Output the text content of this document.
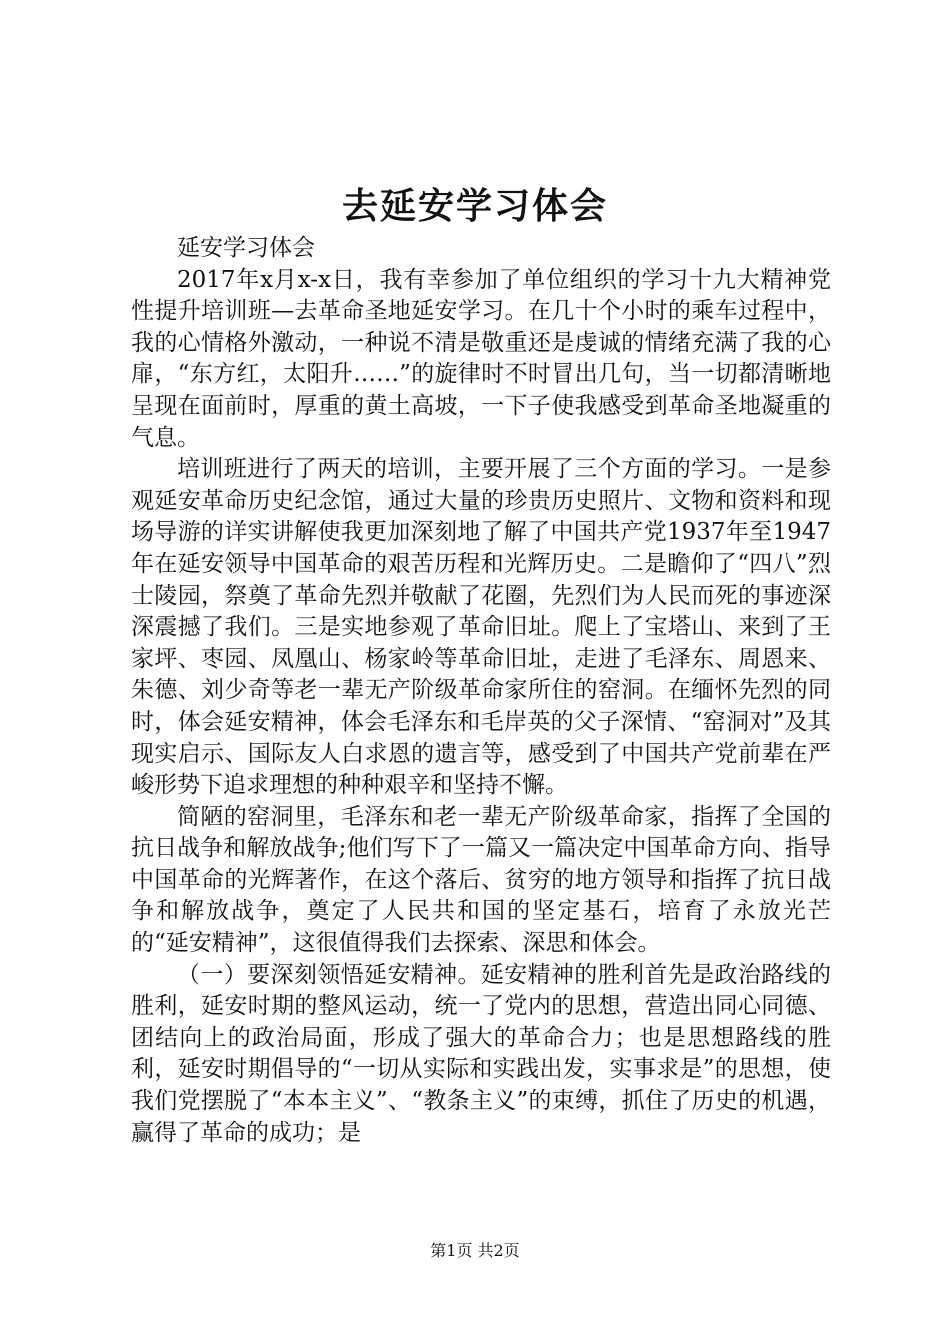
去延安学习体会

延安学习体会

2017年x月x-x日，我有幸参加了单位组织的学习十九大精神党性提升培训班—去革命圣地延安学习。在几十个小时的乘车过程中，我的心情格外激动，一种说不清是敬重还是虔诚的情绪充满了我的心扉，“东方红，太阳升……”的旋律时不时冒出几句，当一切都清晰地呈现在面前时，厚重的黄土高坡，一下子使我感受到革命圣地凝重的气息。

培训班进行了两天的培训，主要开展了三个方面的学习。一是参观延安革命历史纪念馆，通过大量的珍贵历史照片、文物和资料和现场导游的详实讲解使我更加深刻地了解了中国共产党1937年至1947年在延安领导中国革命的艰苦历程和光辉历史。二是瞻仰了“四八”烈士陵园，祭奠了革命先烈并敬献了花圈，先烈们为人民而死的事迹深深震撼了我们。三是实地参观了革命旧址。爬上了宝塔山、来到了王家坪、枣园、凤凰山、杨家岭等革命旧址，走进了毛泽东、周恩来、朱德、刘少奇等老一辈无产阶级革命家所住的窑洞。在缅怀先烈的同时，体会延安精神，体会毛泽东和毛岸英的父子深情、“窑洞对”及其现实启示、国际友人白求恩的遗言等，感受到了中国共产党前辈在严峻形势下追求理想的种种艰辛和坚持不懈。

简陋的窑洞里，毛泽东和老一辈无产阶级革命家，指挥了全国的抗日战争和解放战争;他们写下了一篇又一篇决定中国革命方向、指导中国革命的光辉著作，在这个落后、贫穷的地方领导和指挥了抗日战争和解放战争，奠定了人民共和国的坚定基石，培育了永放光芒的“延安精神”，这很值得我们去探索、深思和体会。

（一）要深刻领悟延安精神。延安精神的胜利首先是政治路线的胜利，延安时期的整风运动，统一了党内的思想，营造出同心同德、团结向上的政治局面，形成了强大的革命合力；也是思想路线的胜利，延安时期倡导的“一切从实际和实践出发，实事求是”的思想，使我们党摆脱了“本本主义”、“教条主义”的束缚，抓住了历史的机遇，赢得了革命的成功；是

第1页 共2页
